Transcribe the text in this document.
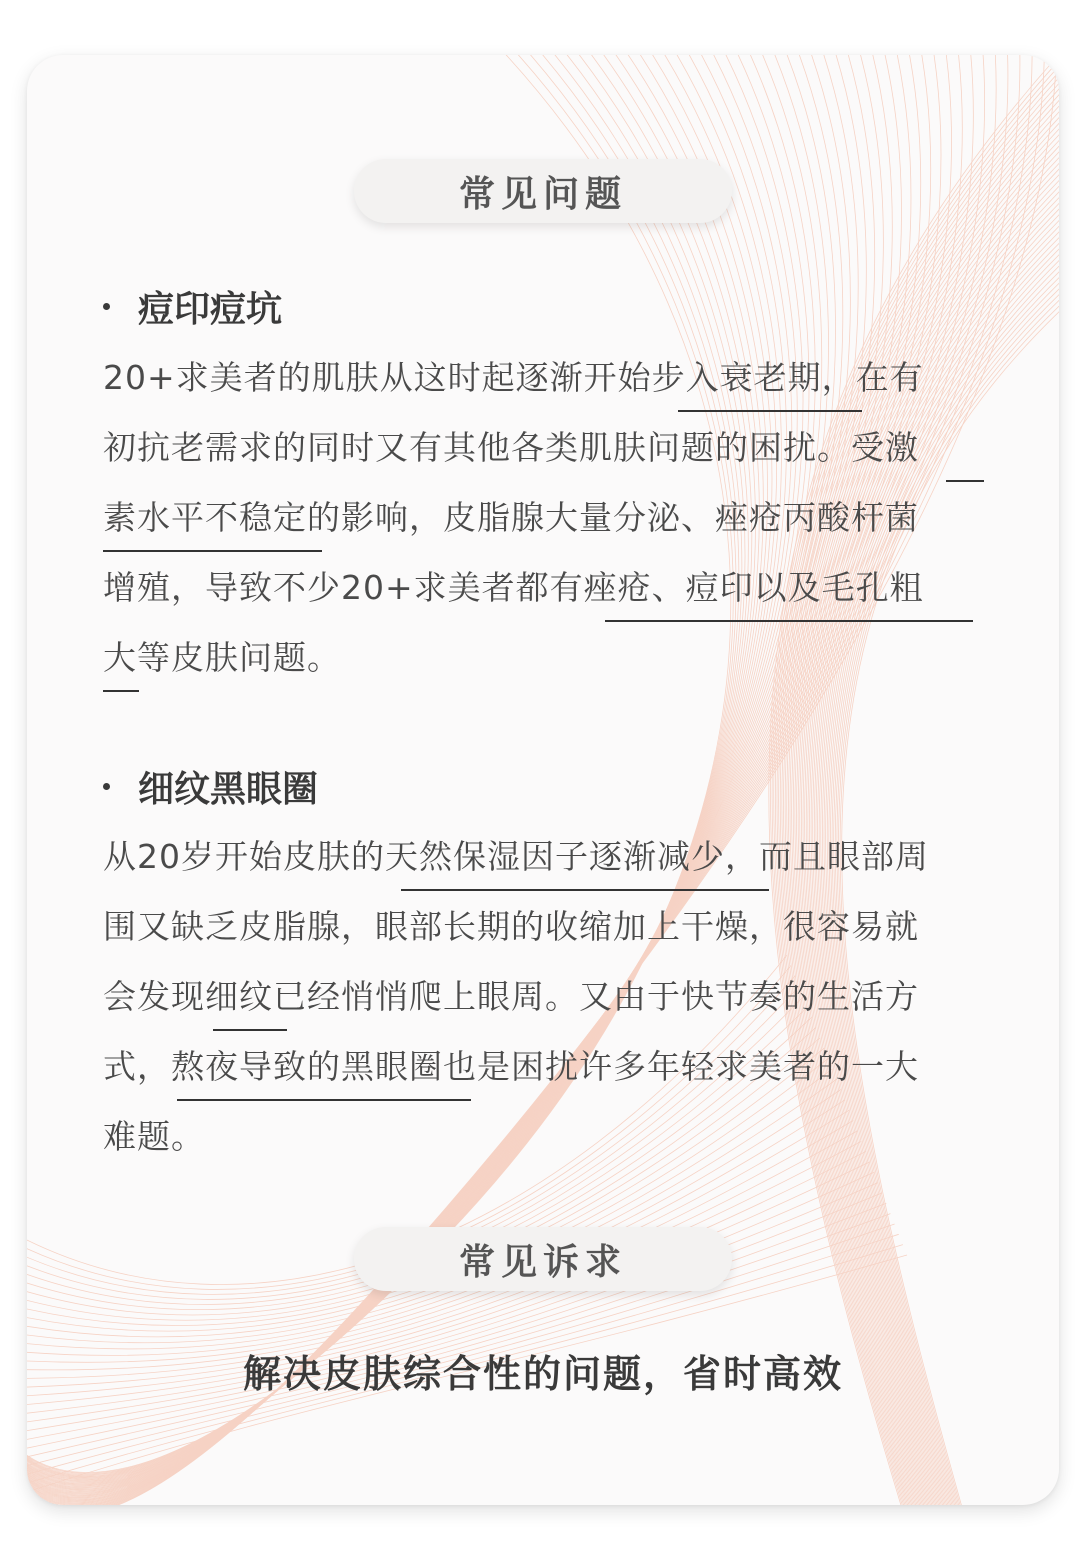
常见问题
痘印痘坑
20+求美者的肌肤从这时起逐渐开始步入衰老期，在有
初抗老需求的同时又有其他各类肌肤问题的困扰。受激
素水平不稳定的影响，皮脂腺大量分泌、痤疮丙酸杆菌
增殖，导致不少20+求美者都有痤疮、痘印以及毛孔粗
大等皮肤问题。
细纹黑眼圈
从20岁开始皮肤的天然保湿因子逐渐减少，而且眼部周
围又缺乏皮脂腺，眼部长期的收缩加上干燥，很容易就
会发现细纹已经悄悄爬上眼周。又由于快节奏的生活方
式，熬夜导致的黑眼圈也是困扰许多年轻求美者的一大
难题。
常见诉求
解决皮肤综合性的问题，省时高效
